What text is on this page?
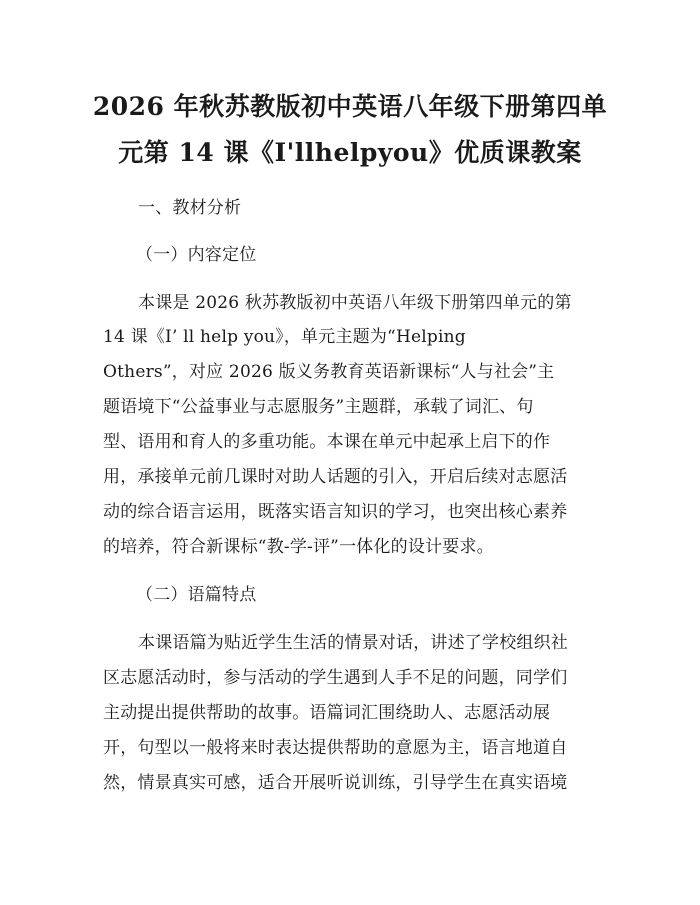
2026 年秋苏教版初中英语八年级下册第四单
元第 14 课《I'llhelpyou》优质课教案
一、教材分析
（一）内容定位
本课是 2026 秋苏教版初中英语八年级下册第四单元的第
14 课《I’ ll help you》，单元主题为“Helping
Others”，对应 2026 版义务教育英语新课标“人与社会”主
题语境下“公益事业与志愿服务”主题群，承载了词汇、句
型、语用和育人的多重功能。本课在单元中起承上启下的作
用，承接单元前几课时对助人话题的引入，开启后续对志愿活
动的综合语言运用，既落实语言知识的学习，也突出核心素养
的培养，符合新课标“教-学-评”一体化的设计要求。
（二）语篇特点
本课语篇为贴近学生生活的情景对话，讲述了学校组织社
区志愿活动时，参与活动的学生遇到人手不足的问题，同学们
主动提出提供帮助的故事。语篇词汇围绕助人、志愿活动展
开，句型以一般将来时表达提供帮助的意愿为主，语言地道自
然，情景真实可感，适合开展听说训练，引导学生在真实语境
